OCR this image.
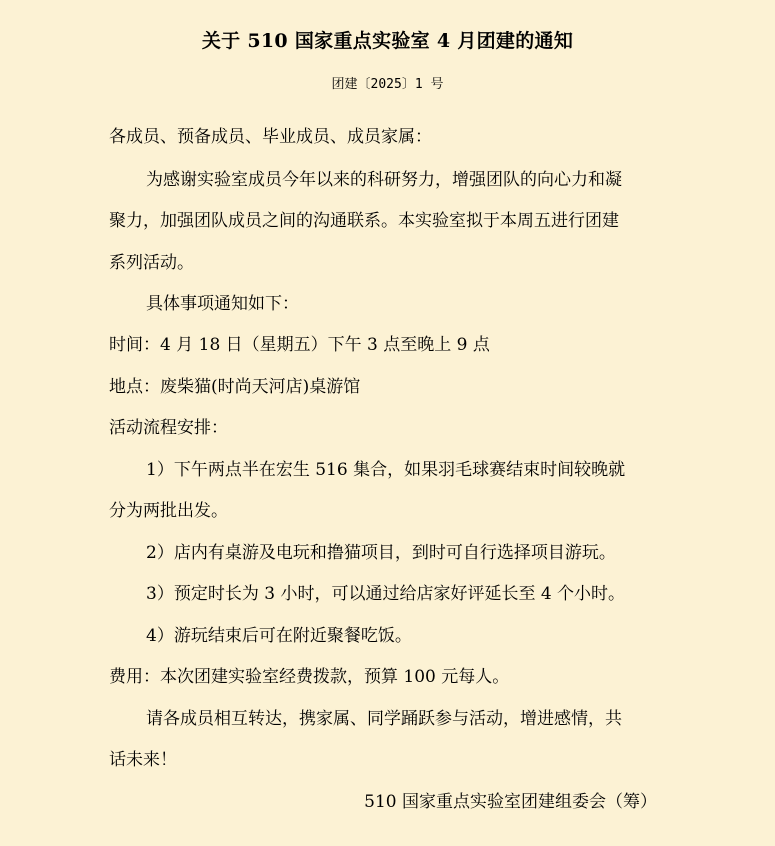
关于 510 国家重点实验室 4 月团建的通知
团建〔2025〕1 号
各成员、预备成员、毕业成员、成员家属：
为感谢实验室成员今年以来的科研努力，增强团队的向心力和凝
聚力，加强团队成员之间的沟通联系。本实验室拟于本周五进行团建
系列活动。
具体事项通知如下：
时间：4 月 18 日（星期五）下午 3 点至晚上 9 点
地点：废柴猫(时尚天河店)桌游馆
活动流程安排：
1）下午两点半在宏生 516 集合，如果羽毛球赛结束时间较晚就
分为两批出发。
2）店内有桌游及电玩和撸猫项目，到时可自行选择项目游玩。
3）预定时长为 3 小时，可以通过给店家好评延长至 4 个小时。
4）游玩结束后可在附近聚餐吃饭。
费用：本次团建实验室经费拨款，预算 100 元每人。
请各成员相互转达，携家属、同学踊跃参与活动，增进感情，共
话未来！
510 国家重点实验室团建组委会（筹）
